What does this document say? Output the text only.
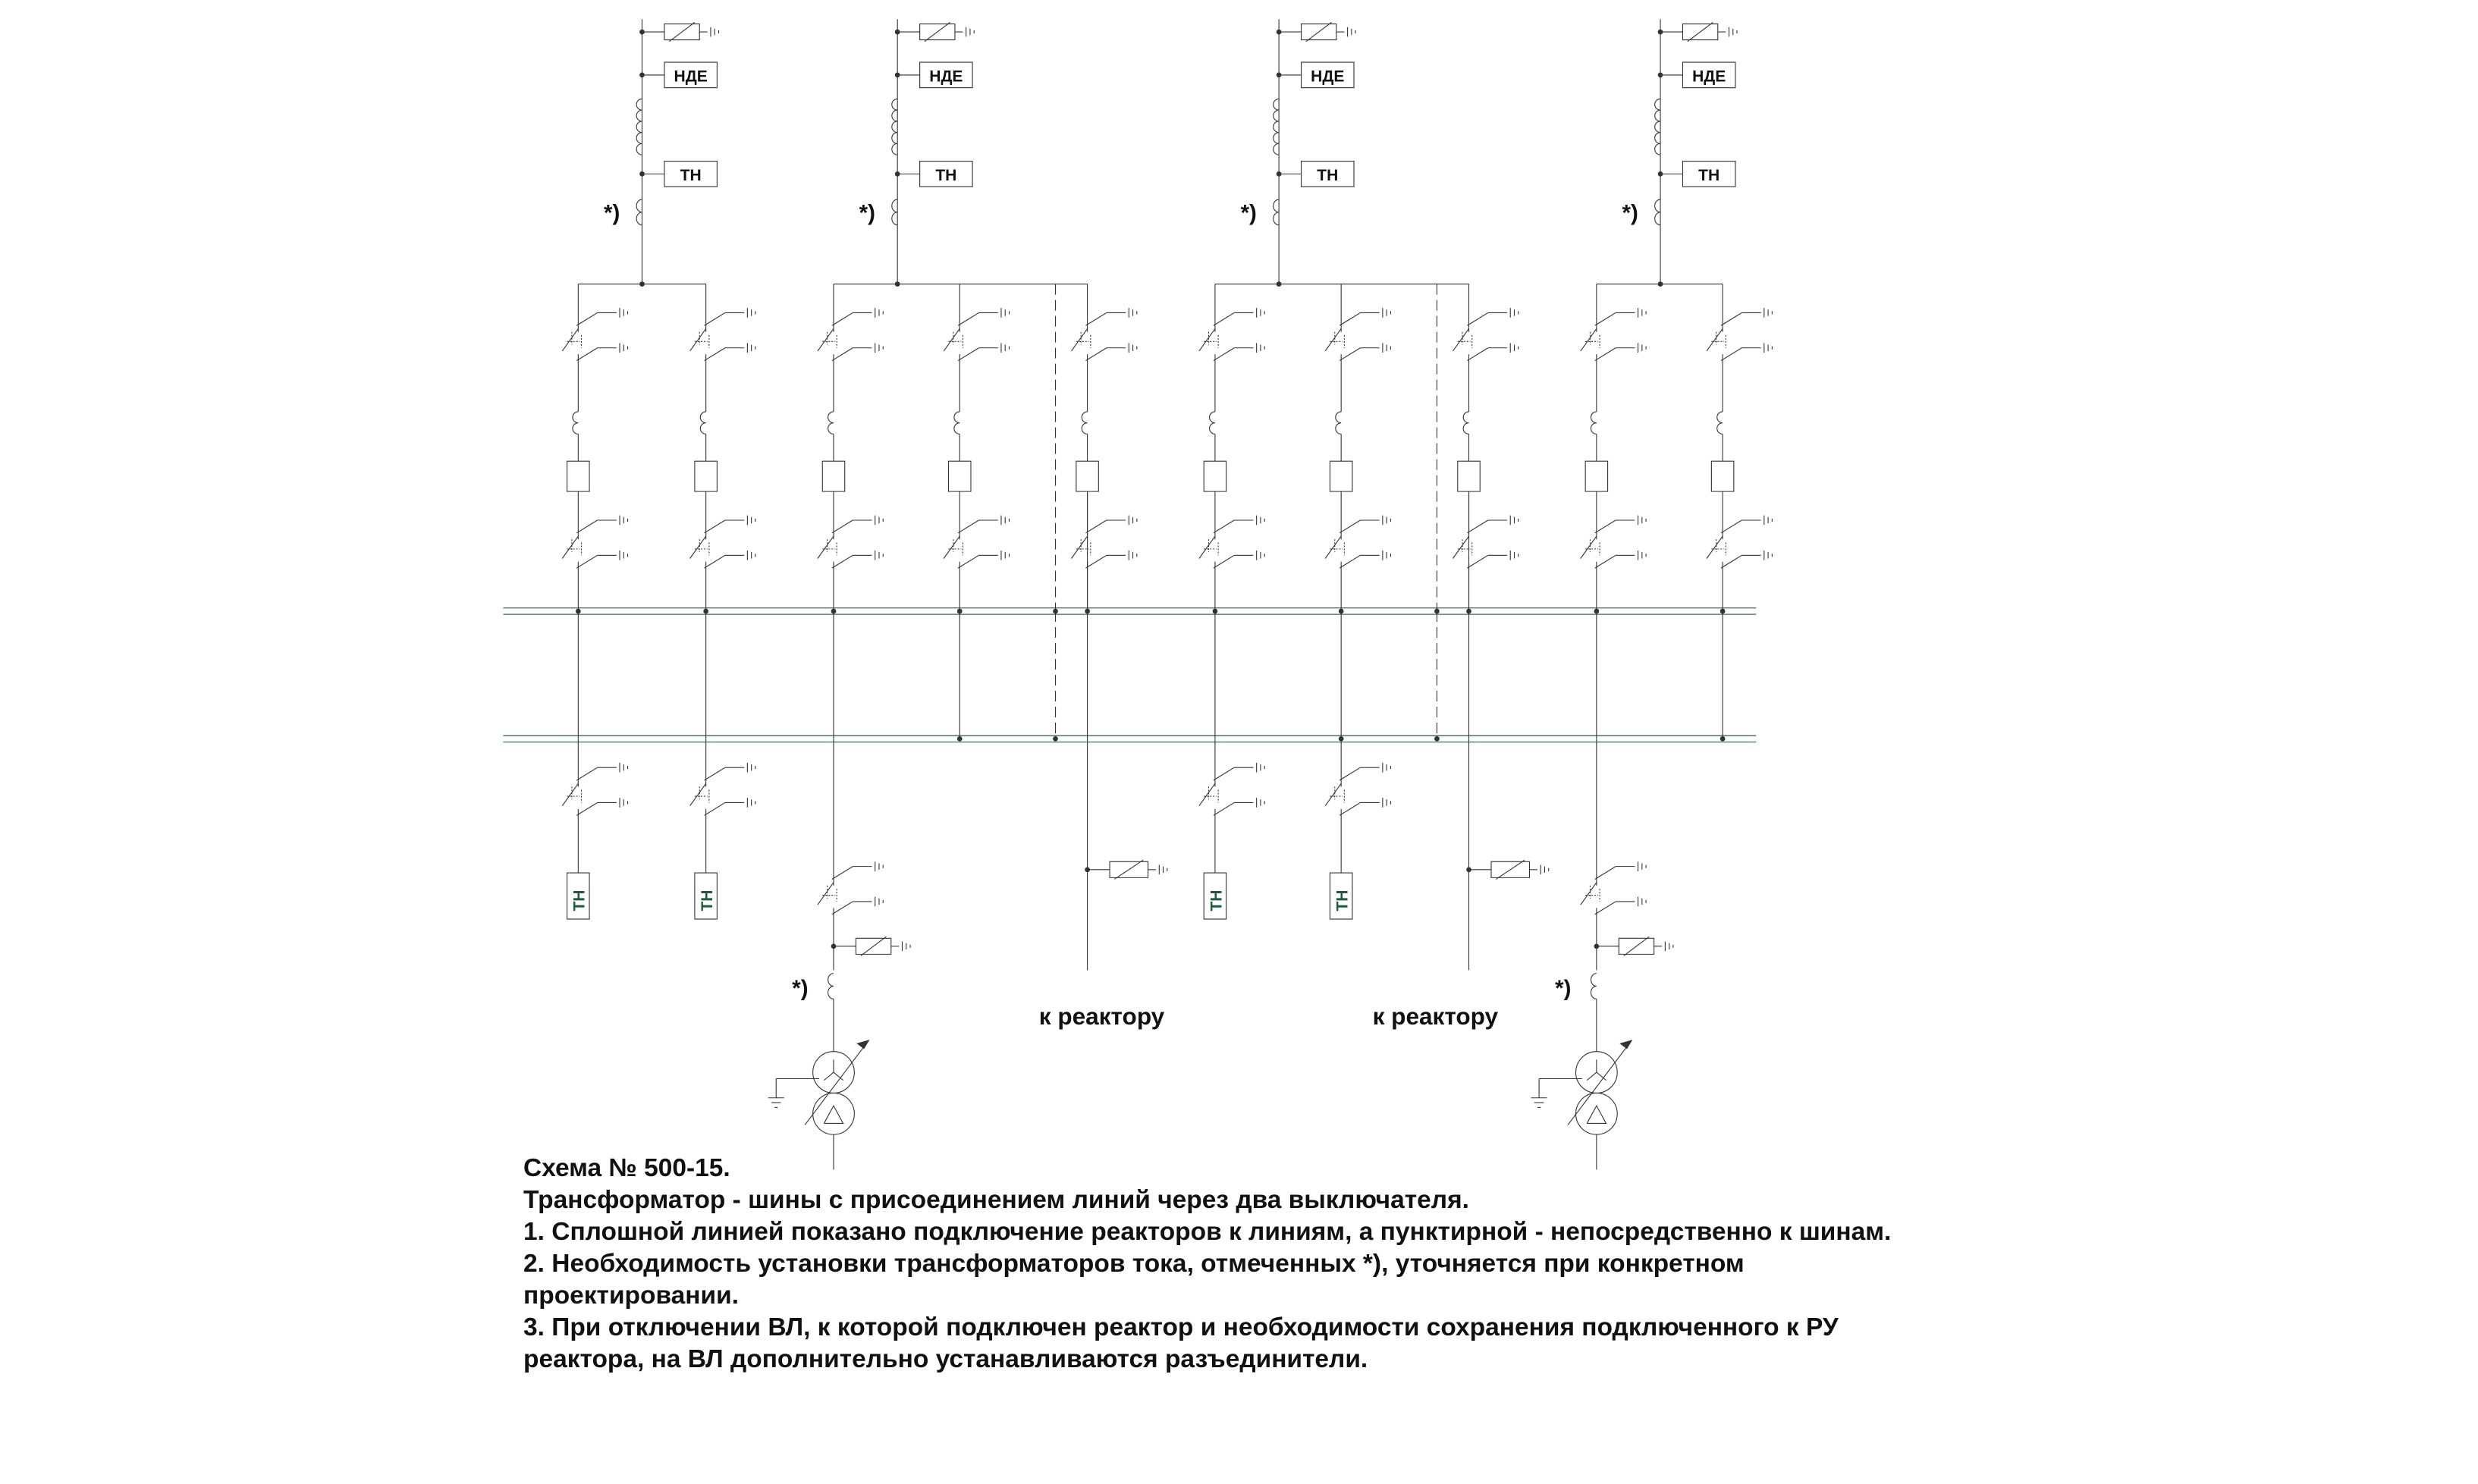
НДЕ
ТН
*)
НДЕ
ТН
*)
НДЕ
ТН
*)
НДЕ
ТН
*)
ТН	ТН	ТН	ТН
к реактору	к реактору
*)	*)
Схема № 500-15.
Трансформатор - шины с присоединением линий через два выключателя.
1. Сплошной линией показано подключение реакторов к линиям, а пунктирной - непосредственно к шинам.
2. Необходимость установки трансформаторов тока, отмеченных *), уточняется при конкретном
проектировании.
3. При отключении ВЛ, к которой подключен реактор и необходимости сохранения подключенного к РУ
реактора, на ВЛ дополнительно устанавливаются разъединители.
